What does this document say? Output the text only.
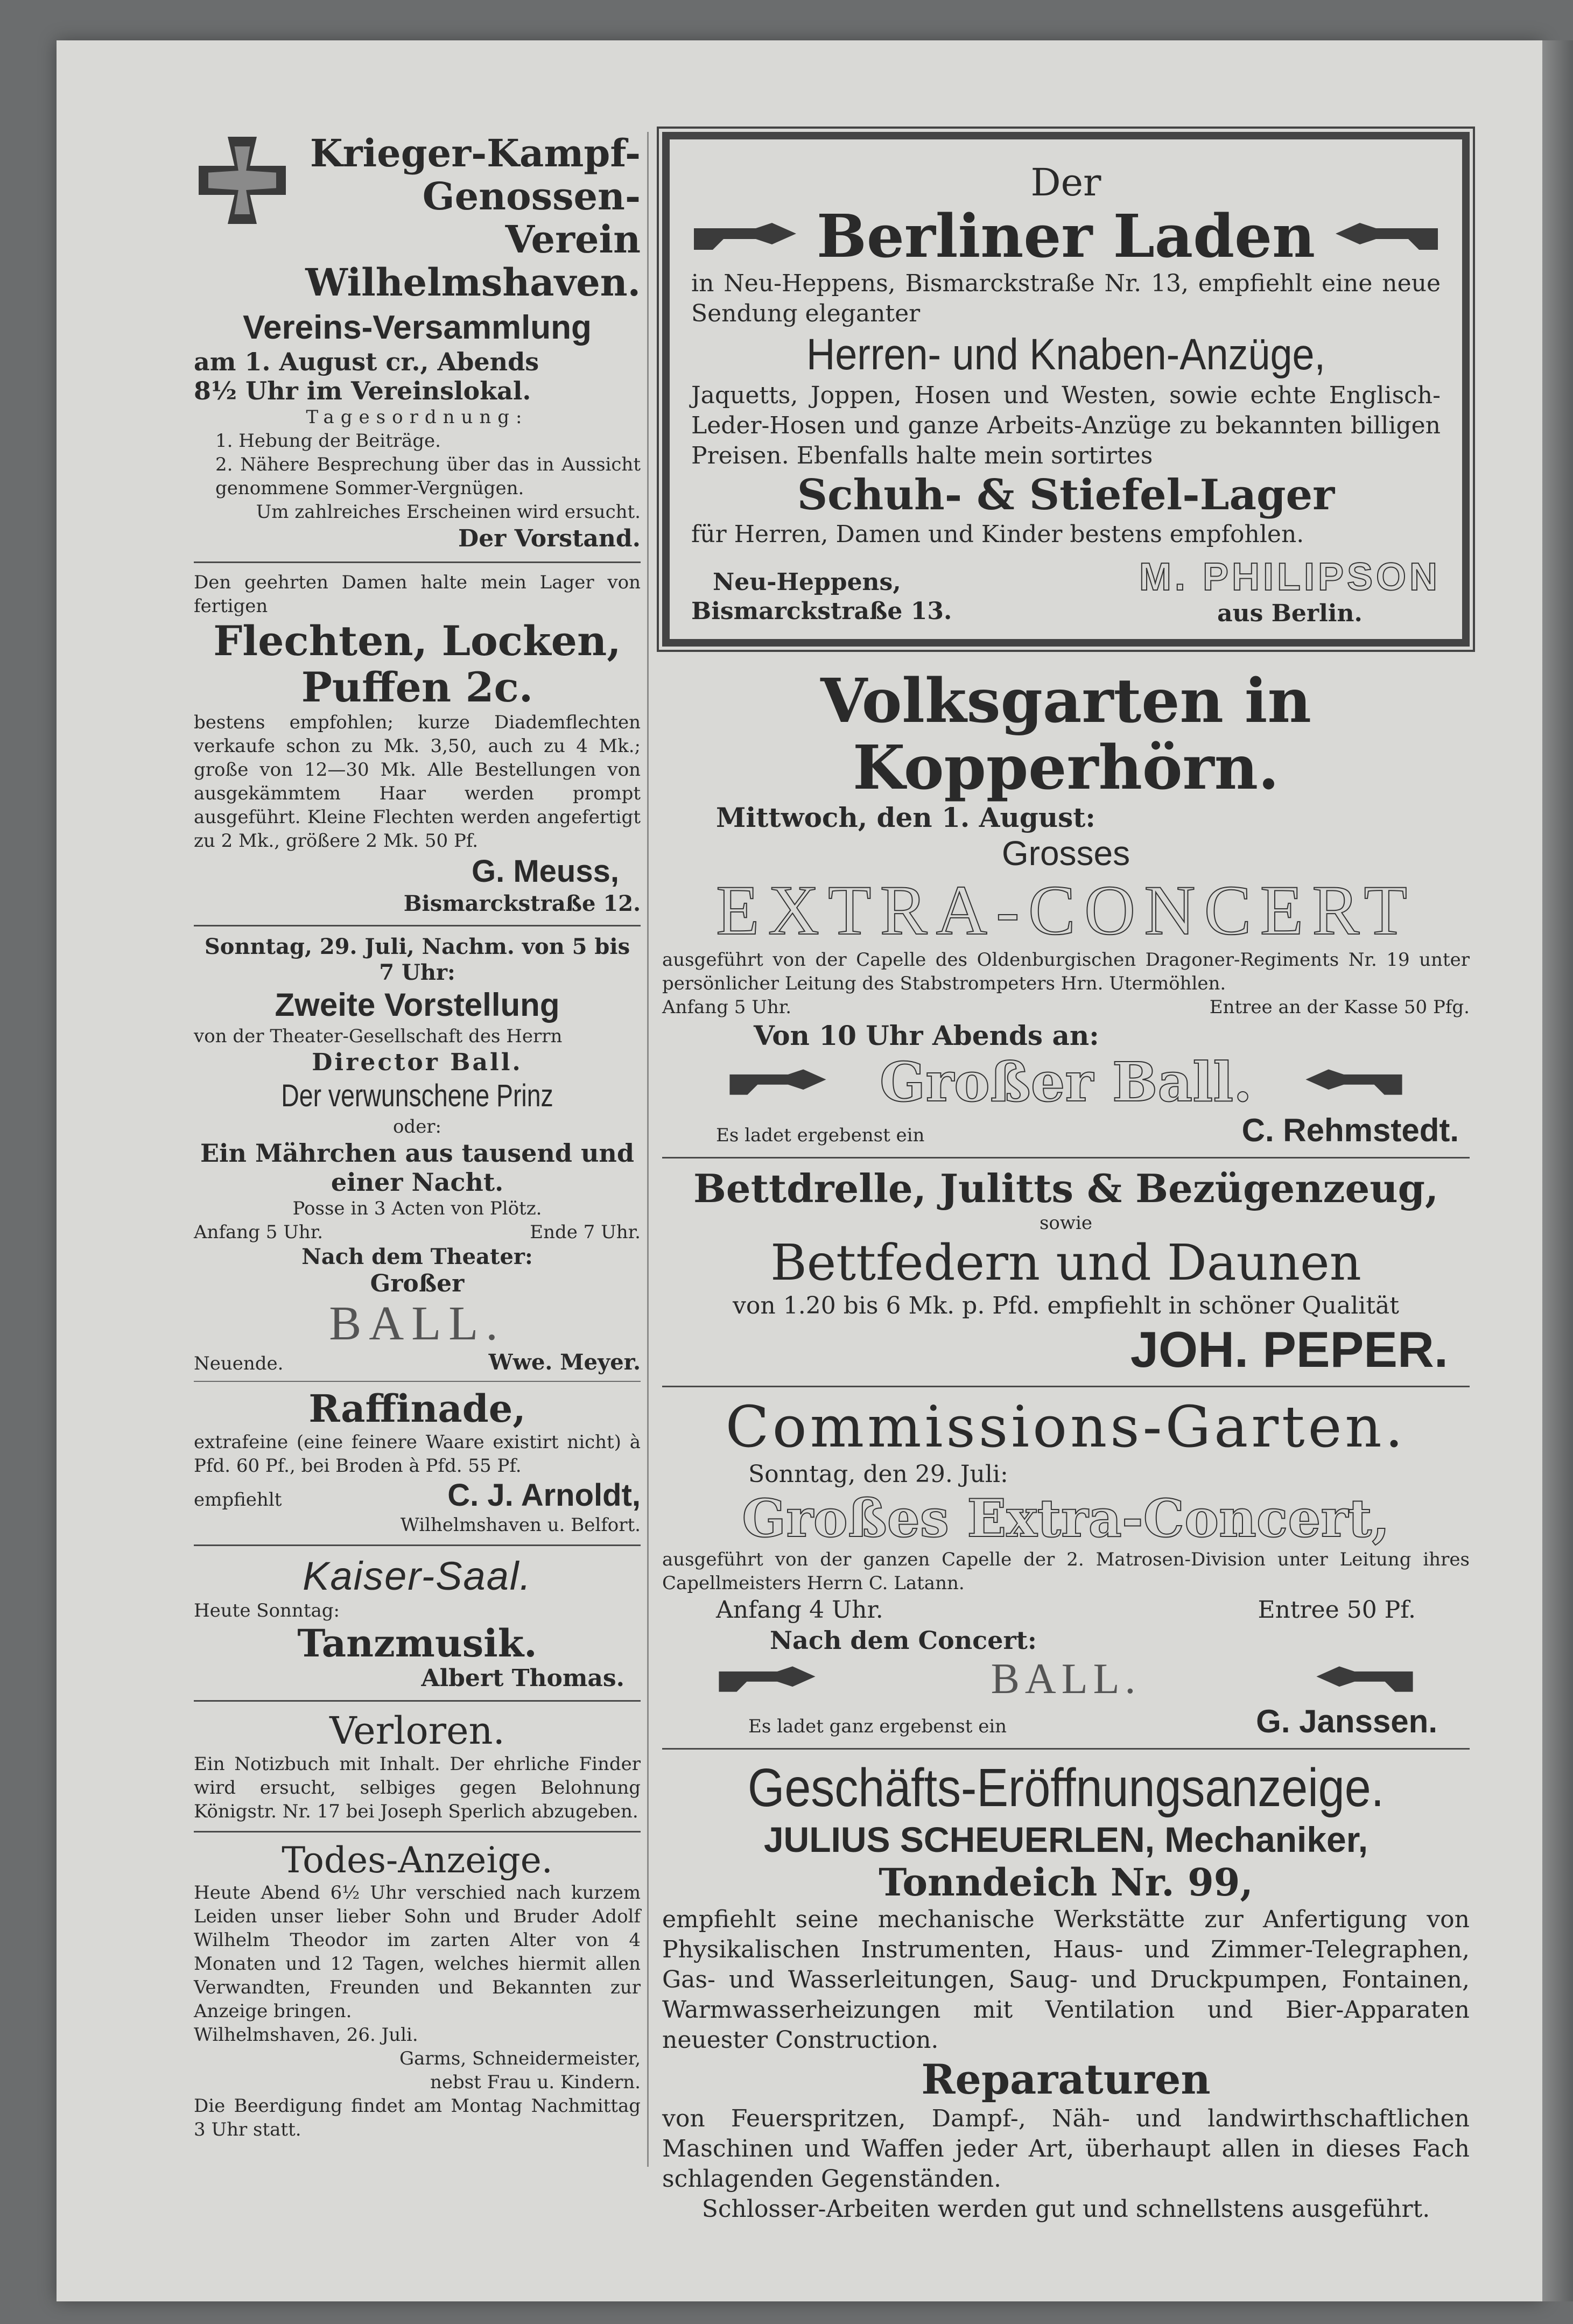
Krieger-Kampf-
Genossen-Verein
Wilhelmshaven.
Vereins-Versammlung
am 1. August cr., Abends
8½ Uhr im Vereinslokal.
Tagesordnung:
1. Hebung der Beiträge.
2. Nähere Besprechung über das in Aussicht genommene Sommer-Vergnügen.
Um zahlreiches Erscheinen wird ersucht.
Der Vorstand.
Den geehrten Damen halte mein Lager von fertigen
Flechten, Locken,
Puffen 2c.
bestens empfohlen; kurze Diademflechten verkaufe schon zu Mk. 3,50, auch zu 4 Mk.; große von 12—30 Mk. Alle Bestellungen von ausgekämmtem Haar werden prompt ausgeführt. Kleine Flechten werden angefertigt zu 2 Mk., größere 2 Mk. 50 Pf.
G. Meuss,
Bismarckstraße 12.
Sonntag, 29. Juli, Nachm. von 5 bis 7 Uhr:
Zweite Vorstellung
von der Theater-Gesellschaft des Herrn
Director Ball.
Der verwunschene Prinz
oder:
Ein Mährchen aus tausend und einer Nacht.
Posse in 3 Acten von Plötz.
Anfang 5 Uhr.	Ende 7 Uhr.
Nach dem Theater:
Großer
BALL.
Neuende.	Wwe. Meyer.
Raffinade,
extrafeine (eine feinere Waare existirt nicht) à Pfd. 60 Pf., bei Broden à Pfd. 55 Pf.
empfiehlt	C. J. Arnoldt,
Wilhelmshaven u. Belfort.
Kaiser-Saal.
Heute Sonntag:
Tanzmusik.
Albert Thomas.
Verloren.
Ein Notizbuch mit Inhalt. Der ehrliche Finder wird ersucht, selbiges gegen Belohnung Königstr. Nr. 17 bei Joseph Sperlich abzugeben.
Todes-Anzeige.
Heute Abend 6½ Uhr verschied nach kurzem Leiden unser lieber Sohn und Bruder Adolf Wilhelm Theodor im zarten Alter von 4 Monaten und 12 Tagen, welches hiermit allen Verwandten, Freunden und Bekannten zur Anzeige bringen.
Wilhelmshaven, 26. Juli.
Garms, Schneidermeister,
nebst Frau u. Kindern.
Die Beerdigung findet am Montag Nachmittag 3 Uhr statt.
Der
Berliner Laden
in Neu-Heppens, Bismarckstraße Nr. 13, empfiehlt eine neue Sendung eleganter
Herren- und Knaben-Anzüge,
Jaquetts, Joppen, Hosen und Westen, sowie echte Englisch-Leder-Hosen und ganze Arbeits-Anzüge zu bekannten billigen Preisen. Ebenfalls halte mein sortirtes
Schuh- & Stiefel-Lager
für Herren, Damen und Kinder bestens empfohlen.
Neu-Heppens,
Bismarckstraße 13.
M. PHILIPSON
aus Berlin.
Volksgarten in Kopperhörn.
Mittwoch, den 1. August:
Grosses
EXTRA-CONCERT
ausgeführt von der Capelle des Oldenburgischen Dragoner-Regiments Nr. 19 unter persönlicher Leitung des Stabstrompeters Hrn. Utermöhlen.
Anfang 5 Uhr.	Entree an der Kasse 50 Pfg.
Von 10 Uhr Abends an:
Großer Ball.
Es ladet ergebenst ein	C. Rehmstedt.
Bettdrelle, Julitts & Bezügenzeug,
sowie
Bettfedern und Daunen
von 1.20 bis 6 Mk. p. Pfd. empfiehlt in schöner Qualität
JOH. PEPER.
Commissions-Garten.
Sonntag, den 29. Juli:
Großes Extra-Concert,
ausgeführt von der ganzen Capelle der 2. Matrosen-Division unter Leitung ihres Capellmeisters Herrn C. Latann.
Anfang 4 Uhr.	Entree 50 Pf.
Nach dem Concert:
BALL.
Es ladet ganz ergebenst ein	G. Janssen.
Geschäfts-Eröffnungsanzeige.
JULIUS SCHEUERLEN, Mechaniker,
Tonndeich Nr. 99,
empfiehlt seine mechanische Werkstätte zur Anfertigung von Physikalischen Instrumenten, Haus- und Zimmer-Telegraphen, Gas- und Wasserleitungen, Saug- und Druckpumpen, Fontainen, Warmwasserheizungen mit Ventilation und Bier-Apparaten neuester Construction.
Reparaturen
von Feuerspritzen, Dampf-, Näh- und landwirthschaftlichen Maschinen und Waffen jeder Art, überhaupt allen in dieses Fach schlagenden Gegenständen.
Schlosser-Arbeiten werden gut und schnellstens ausgeführt.
